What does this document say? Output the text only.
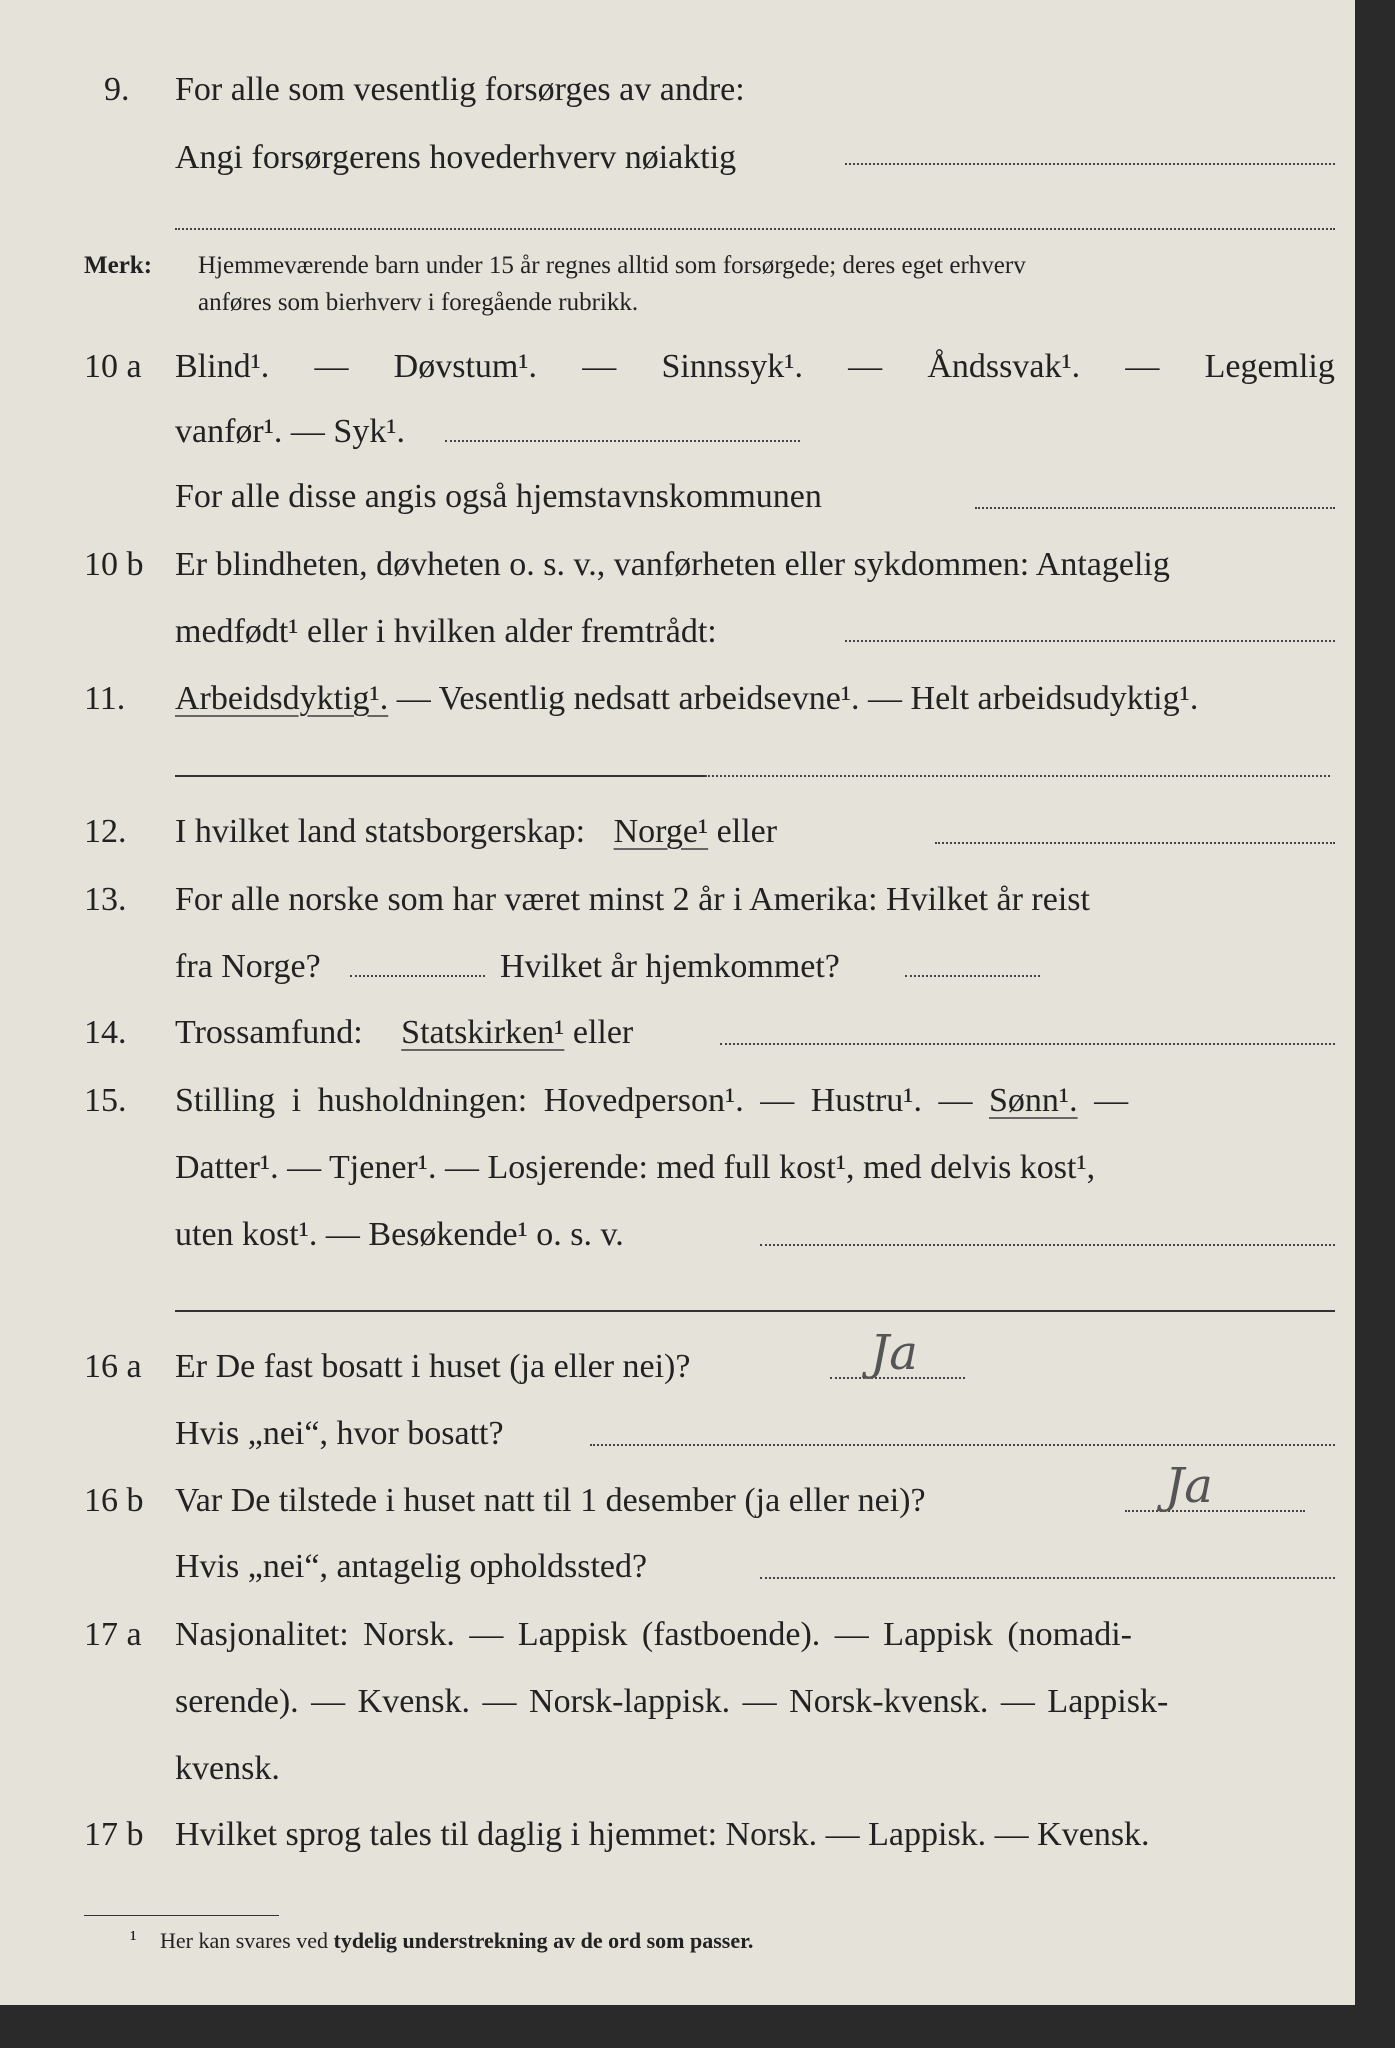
9. For alle som vesentlig forsørges av andre:
Angi forsørgerens hovederhverv nøiaktig
Merk: Hjemmeværende barn under 15 år regnes alltid som forsørgede; deres eget erhverv
anføres som bierhverv i foregående rubrikk.
10 a Blind¹. — Døvstum¹. — Sinnssyk¹. — Åndssvak¹. — Legemlig
vanfør¹. — Syk¹.
For alle disse angis også hjemstavnskommunen
10 b Er blindheten, døvheten o. s. v., vanførheten eller sykdommen: Antagelig
medfødt¹ eller i hvilken alder fremtrådt:
11. Arbeidsdyktig¹. — Vesentlig nedsatt arbeidsevne¹. — Helt arbeidsudyktig¹.
12. I hvilket land statsborgerskap: Norge¹ eller
13. For alle norske som har været minst 2 år i Amerika: Hvilket år reist
fra Norge?	Hvilket år hjemkommet?
14. Trossamfund: Statskirken¹ eller
15. Stilling i husholdningen: Hovedperson¹. — Hustru¹. — Sønn¹. —
Datter¹. — Tjener¹. — Losjerende: med full kost¹, med delvis kost¹,
uten kost¹. — Besøkende¹ o. s. v.
16 a Er De fast bosatt i huset (ja eller nei)?	Ja
Hvis „nei“, hvor bosatt?
16 b Var De tilstede i huset natt til 1 desember (ja eller nei)?	Ja
Hvis „nei“, antagelig opholdssted?
17 a Nasjonalitet: Norsk. — Lappisk (fastboende). — Lappisk (nomadi-
serende). — Kvensk. — Norsk-lappisk. — Norsk-kvensk. — Lappisk-
kvensk.
17 b Hvilket sprog tales til daglig i hjemmet: Norsk. — Lappisk. — Kvensk.
¹ Her kan svares ved tydelig understrekning av de ord som passer.
